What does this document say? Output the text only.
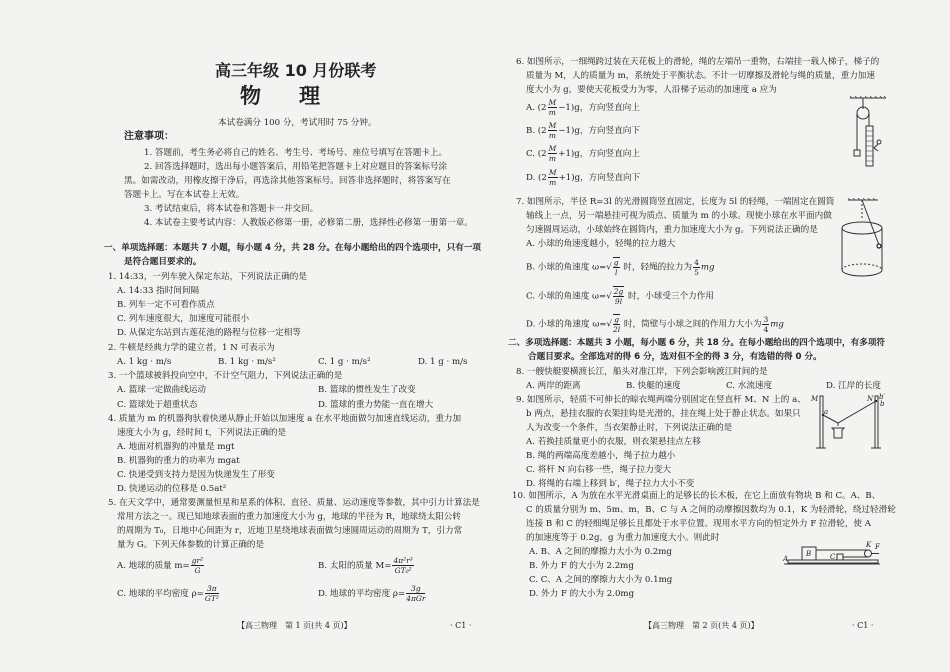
高三年级 10 月份联考
物理
本试卷满分 100 分，考试用时 75 分钟。
注意事项：
1. 答题前，考生务必将自己的姓名、考生号、考场号、座位号填写在答题卡上。
2. 回答选择题时，选出每小题答案后，用铅笔把答题卡上对应题目的答案标号涂
黑。如需改动，用橡皮擦干净后，再选涂其他答案标号。回答非选择题时，将答案写在
答题卡上。写在本试卷上无效。
3. 考试结束后，将本试卷和答题卡一并交回。
4. 本试卷主要考试内容：人教版必修第一册，必修第二册，选择性必修第一册第一章。
一、单项选择题：本题共 7 小题，每小题 4 分，共 28 分。在每小题给出的四个选项中，只有一项
是符合题目要求的。
1. 14:33，一列车驶入保定东站，下列说法正确的是
A. 14:33 指时间间隔
B. 列车一定不可看作质点
C. 列车速度很大，加速度可能很小
D. 从保定东站到古莲花池的路程与位移一定相等
2. 牛顿是经典力学的建立者，1 N 可表示为
A. 1 kg · m/s	B. 1 kg · m/s²	C. 1 g · m/s²	D. 1 g · m/s
3. 一个篮球被斜投向空中，不计空气阻力，下列说法正确的是
A. 篮球一定做曲线运动	B. 篮球的惯性发生了改变
C. 篮球处于超重状态	D. 篮球的重力势能一直在增大
4. 质量为 m 的机器狗驮着快递从静止开始以加速度 a 在水平地面做匀加速直线运动，重力加
速度大小为 g，经时间 t，下列说法正确的是
A. 地面对机器狗的冲量是 mgt
B. 机器狗的重力的功率为 mgat
C. 快递受到支持力是因为快递发生了形变
D. 快递运动的位移是 0.5at²
5. 在天文学中，通常要测量恒星和星系的体积、直径、质量、运动速度等参数，其中引力计算法是
常用方法之一。现已知地球表面的重力加速度大小为 g，地球的半径为 R，地球绕太阳公转
的周期为 T₀，日地中心间距为 r，近地卫星绕地球表面做匀速圆周运动的周期为 T，引力常
量为 G。下列天体参数的计算正确的是
A. 地球的质量 $m= \frac{\text{gr²}}{G}$	B. 太阳的质量 $M= \frac{\text{4π²r³}}{\text{GT₀²}}$
C. 地球的平均密度 $\rho= \frac{3\pi}{\text{GT²}}$	D. 地球的平均密度 $\rho= \frac{3g}{\text{4πGr}}$
【高三物理　第 1 页(共 4 页)】	· C1 ·
6. 如图所示，一细绳跨过装在天花板上的滑轮，绳的左端吊一重物，右端挂一载人梯子，梯子的
质量为 M，人的质量为 m，系统处于平衡状态。不计一切摩擦及滑轮与绳的质量，重力加速
度大小为 g，要使天花板受力为零，人沿梯子运动的加速度 a 应为
A. $(2 \frac{M}{m} -1)g$，方向竖直向上
B. $(2 \frac{M}{m} -1)g$，方向竖直向下
C. $(2 \frac{M}{m} +1)g$，方向竖直向上
D. $(2 \frac{M}{m} +1)g$，方向竖直向下
7. 如图所示，半径 R=3l 的光滑圆筒竖直固定，长度为 5l 的轻绳，一端固定在圆筒
轴线上一点，另一端悬挂可视为质点、质量为 m 的小球。现使小球在水平面内做
匀速圆周运动，小球始终在圆筒内，重力加速度大小为 g。下列说法正确的是
A. 小球的角速度越小，轻绳的拉力越大
B. 小球的角速度 $\omega=√ \frac{g}{l}$ 时，轻绳的拉力为 $\frac{4}{5}$ mg
C. 小球的角速度 $\omega=√ \frac{2g}{9l}$ 时，小球受三个力作用
D. 小球的角速度 $\omega=√ \frac{g}{2l}$ 时，筒壁与小球之间的作用力大小为 $\frac{3}{4}$ mg
二、多项选择题：本题共 3 小题，每小题 6 分，共 18 分。在每小题给出的四个选项中，有多项符
合题目要求。全部选对的得 6 分，选对但不全的得 3 分，有选错的得 0 分。
8. 一艘快艇要横渡长江，船头对准江岸，下列会影响渡江时间的是
A. 两岸的距离	B. 快艇的速度	C. 水流速度	D. 江岸的长度
9. 如图所示，轻质不可伸长的晾衣绳两端分别固定在竖直杆 M、N 上的 a、
b 两点，悬挂衣服的衣架挂钩是光滑的，挂在绳上处于静止状态。如果只
人为改变一个条件，当衣架静止时，下列说法正确的是
A. 若换挂质量更小的衣服，则衣架悬挂点左移
B. 绳的两端高度差越小，绳子拉力越小
C. 将杆 N 向右移一些，绳子拉力变大
D. 将绳的右端上移到 b′，绳子拉力大小不变
M	N b′
b
a
10. 如图所示，A 为放在水平光滑桌面上的足够长的长木板，在它上面放有物块 B 和 C。A、B、
C 的质量分别为 m、5m、m，B、C 与 A 之间的动摩擦因数均为 0.1，K 为轻滑轮，绕过轻滑轮
连接 B 和 C 的轻细绳足够长且都处于水平位置。现用水平方向的恒定外力 F 拉滑轮，使 A
的加速度等于 0.2g，g 为重力加速度大小。则此时
A. B、A 之间的摩擦力大小为 0.2mg
B. 外力 F 的大小为 2.2mg
C. C、A 之间的摩擦力大小为 0.1mg
D. 外力 F 的大小为 2.0mg
A
B	C
K F
【高三物理　第 2 页(共 4 页)】	· C1 ·
